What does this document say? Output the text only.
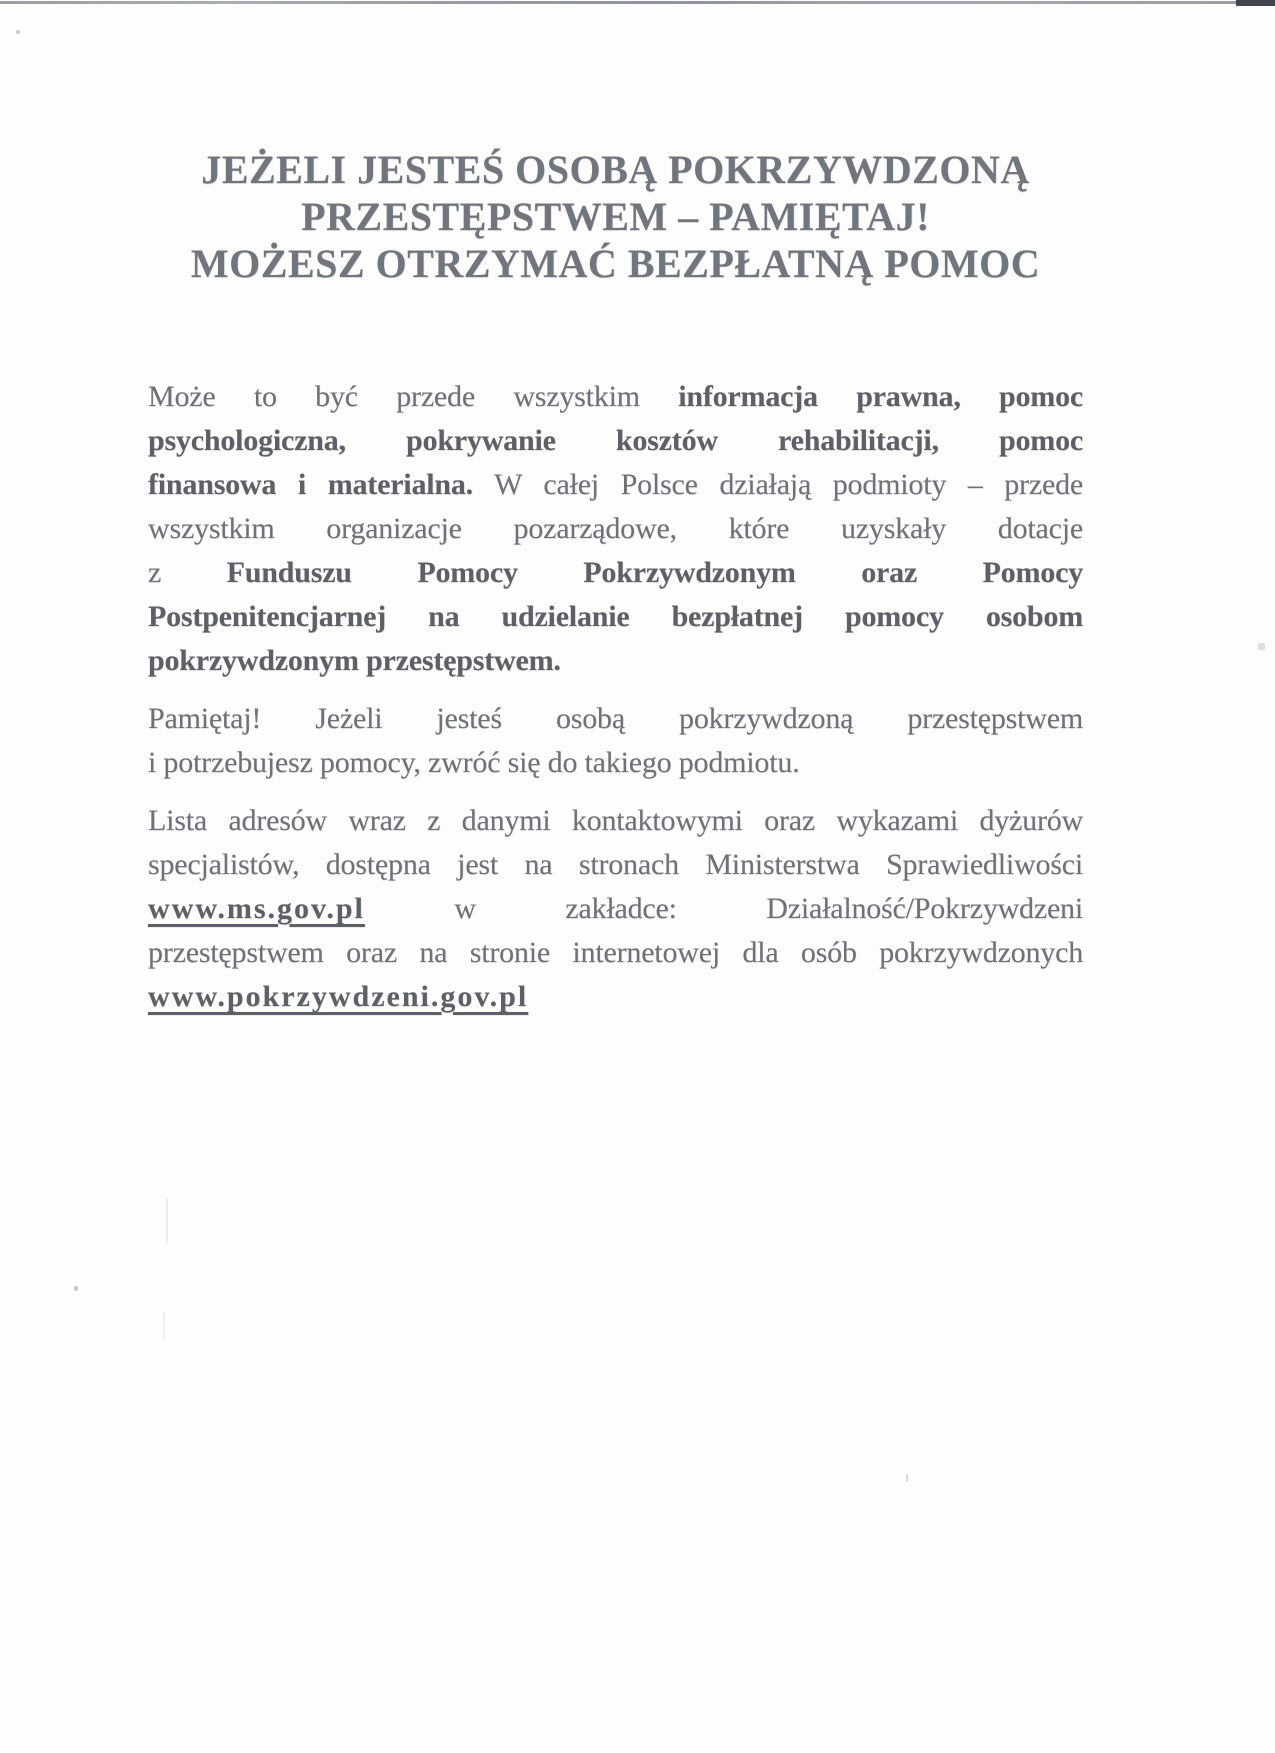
JEŻELI JESTEŚ OSOBĄ POKRZYWDZONĄ
PRZESTĘPSTWEM – PAMIĘTAJ!
MOŻESZ OTRZYMAĆ BEZPŁATNĄ POMOC
Może to być przede wszystkim informacja prawna, pomoc
psychologiczna, pokrywanie kosztów rehabilitacji, pomoc
finansowa i materialna. W całej Polsce działają podmioty – przede
wszystkim organizacje pozarządowe, które uzyskały dotacje
z Funduszu Pomocy Pokrzywdzonym oraz Pomocy
Postpenitencjarnej na udzielanie bezpłatnej pomocy osobom
pokrzywdzonym przestępstwem.
Pamiętaj! Jeżeli jesteś osobą pokrzywdzoną przestępstwem
i potrzebujesz pomocy, zwróć się do takiego podmiotu.
Lista adresów wraz z danymi kontaktowymi oraz wykazami dyżurów
specjalistów, dostępna jest na stronach Ministerstwa Sprawiedliwości
www.ms.gov.pl w zakładce: Działalność/Pokrzywdzeni
przestępstwem oraz na stronie internetowej dla osób pokrzywdzonych
www.pokrzywdzeni.gov.pl
